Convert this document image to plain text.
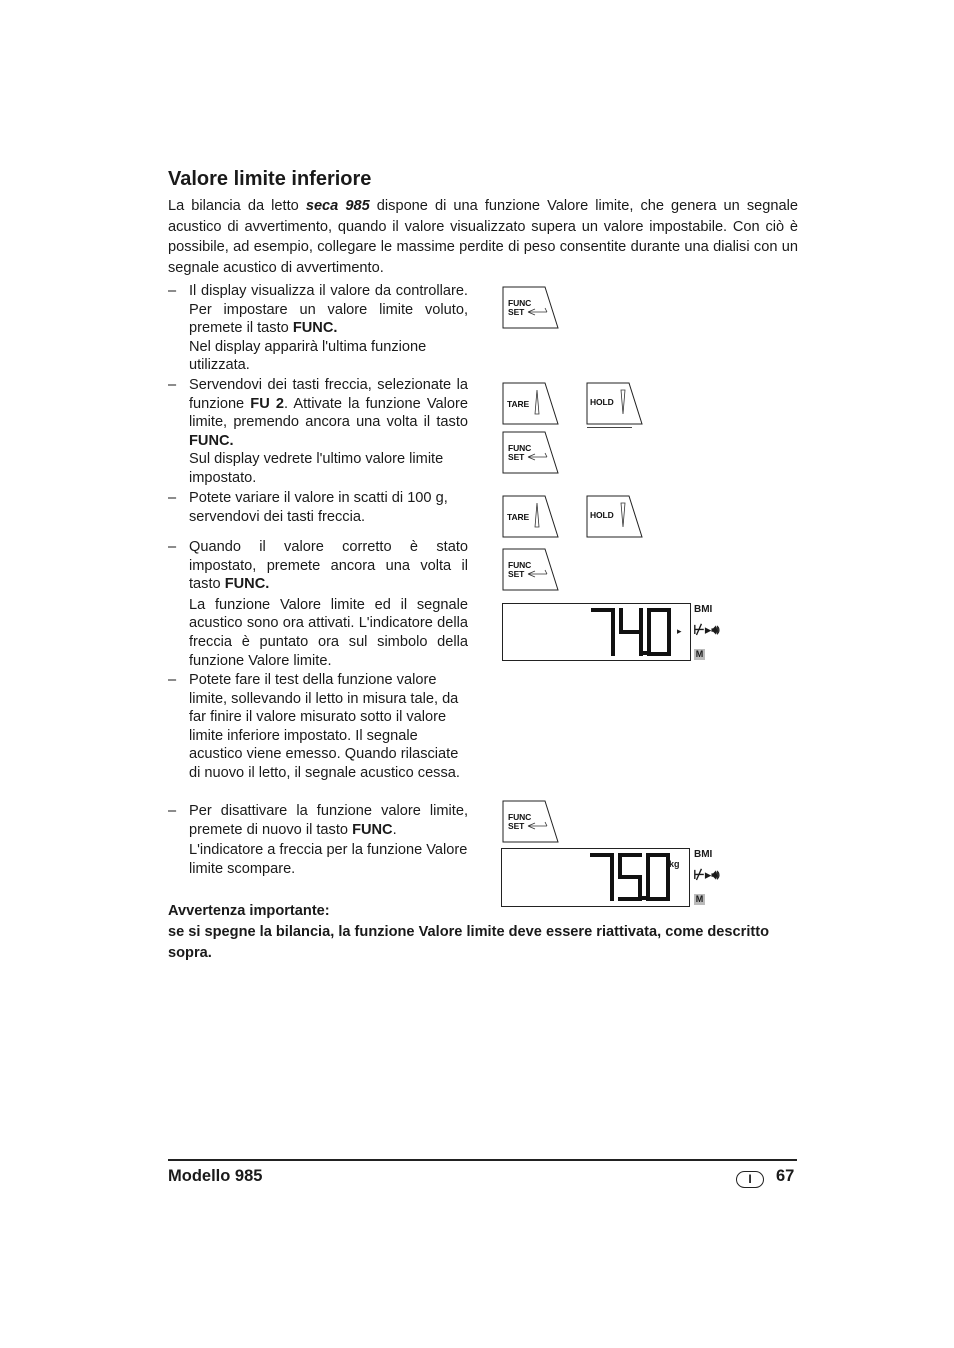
Valore limite inferiore

La bilancia da letto seca 985 dispone di una funzione Valore limite, che genera un segnale acustico di avvertimento, quando il valore visualizzato supera un valore impostabile. Con ciò è possibile, ad esempio, collegare le massime perdite di peso consentite durante una dialisi con un segnale acustico di avvertimento.

– Il display visualizza il valore da controllare. Per impostare un valore limite voluto, premete il tasto FUNC.

Nel display apparirà l'ultima funzione utilizzata.

– Servendovi dei tasti freccia, selezionate la funzione FU 2. Attivate la funzione Valore limite, premendo ancora una volta il tasto FUNC.

Sul display vedrete l'ultimo valore limite impostato.

– Potete variare il valore in scatti di 100 g, servendovi dei tasti freccia.

– Quando il valore corretto è stato impostato, premete ancora una volta il tasto FUNC.

La funzione Valore limite ed il segnale acustico sono ora attivati. L'indicatore della freccia è puntato ora sul simbolo della funzione Valore limite.

– Potete fare il test della funzione valore limite, sollevando il letto in misura tale, da far finire il valore misurato sotto il valore limite inferiore impostato. Il segnale acustico viene emesso. Quando rilasciate di nuovo il letto, il segnale acustico cessa.

– Per disattivare la funzione valore limite, premete di nuovo il tasto FUNC.

L'indicatore a freccia per la funzione Valore limite scompare.

FUNC
SET
TARE	HOLD
FUNC
SET
TARE	HOLD
FUNC
SET
FUNC
SET
▸
BMI
⊬▸🔊︎
M
kg
BMI
⊬▸🔊︎
M
Avvertenza importante:
se si spegne la bilancia, la funzione Valore limite deve essere riattivata, come descritto sopra.
Modello 985	I	67
